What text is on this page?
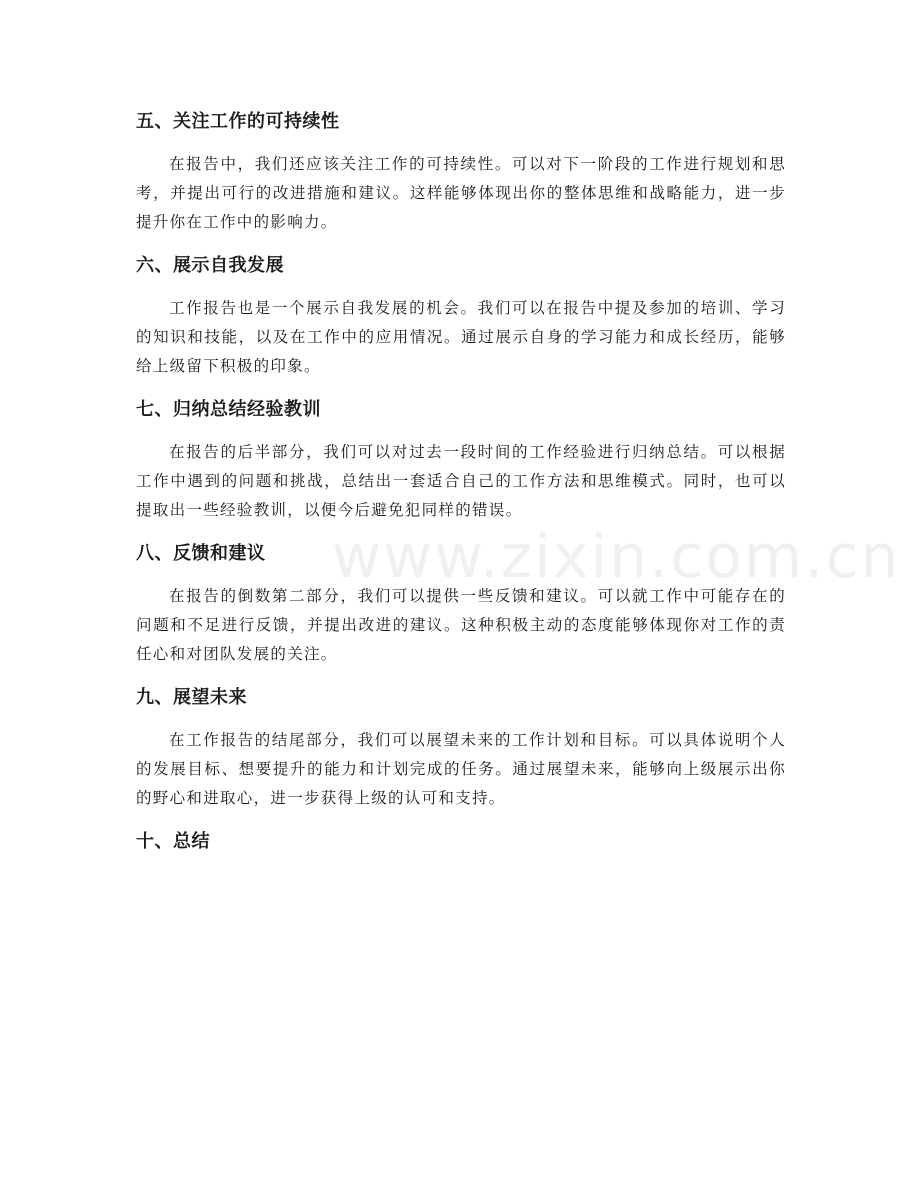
五、关注工作的可持续性

在报告中，我们还应该关注工作的可持续性。可以对下一阶段的工作进行规划和思考，并提出可行的改进措施和建议。这样能够体现出你的整体思维和战略能力，进一步提升你在工作中的影响力。

六、展示自我发展

工作报告也是一个展示自我发展的机会。我们可以在报告中提及参加的培训、学习的知识和技能，以及在工作中的应用情况。通过展示自身的学习能力和成长经历，能够给上级留下积极的印象。

七、归纳总结经验教训

在报告的后半部分，我们可以对过去一段时间的工作经验进行归纳总结。可以根据工作中遇到的问题和挑战，总结出一套适合自己的工作方法和思维模式。同时，也可以提取出一些经验教训，以便今后避免犯同样的错误。

八、反馈和建议

在报告的倒数第二部分，我们可以提供一些反馈和建议。可以就工作中可能存在的问题和不足进行反馈，并提出改进的建议。这种积极主动的态度能够体现你对工作的责任心和对团队发展的关注。

九、展望未来

在工作报告的结尾部分，我们可以展望未来的工作计划和目标。可以具体说明个人的发展目标、想要提升的能力和计划完成的任务。通过展望未来，能够向上级展示出你的野心和进取心，进一步获得上级的认可和支持。

十、总结
www.zixin.com.cn
